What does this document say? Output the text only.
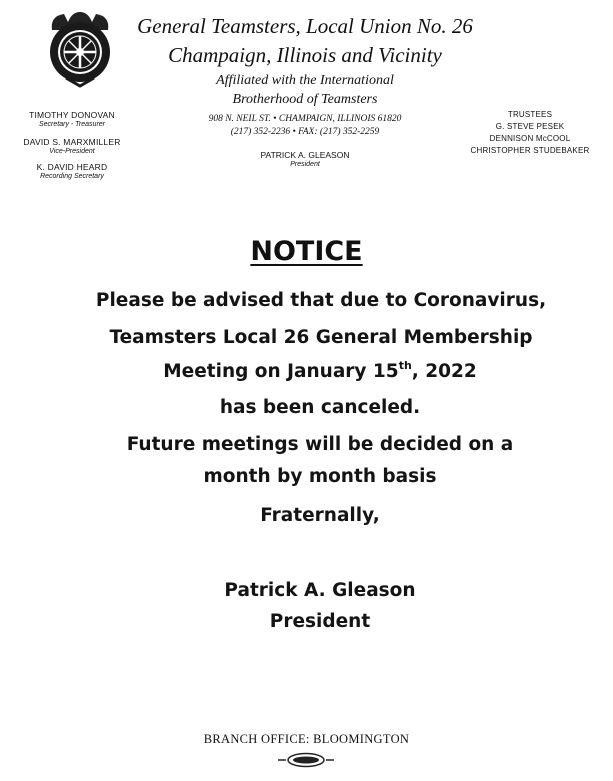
General Teamsters, Local Union No. 26
Champaign, Illinois and Vicinity
Affiliated with the International
Brotherhood of Teamsters
908 N. NEIL ST. • CHAMPAIGN, ILLINOIS 61820
(217) 352-2236 • FAX: (217) 352-2259
PATRICK A. GLEASON
President
TIMOTHY DONOVAN
Secretary - Treasurer
DAVID S. MARXMILLER
Vice-President
K. DAVID HEARD
Recording Secretary
TRUSTEES
G. STEVE PESEK
DENNISON McCOOL
CHRISTOPHER STUDEBAKER
NOTICE
Please be advised that due to Coronavirus,
Teamsters Local 26 General Membership
Meeting on January 15th, 2022
has been canceled.
Future meetings will be decided on a
month by month basis
Fraternally,
Patrick A. Gleason
President
BRANCH OFFICE: BLOOMINGTON
